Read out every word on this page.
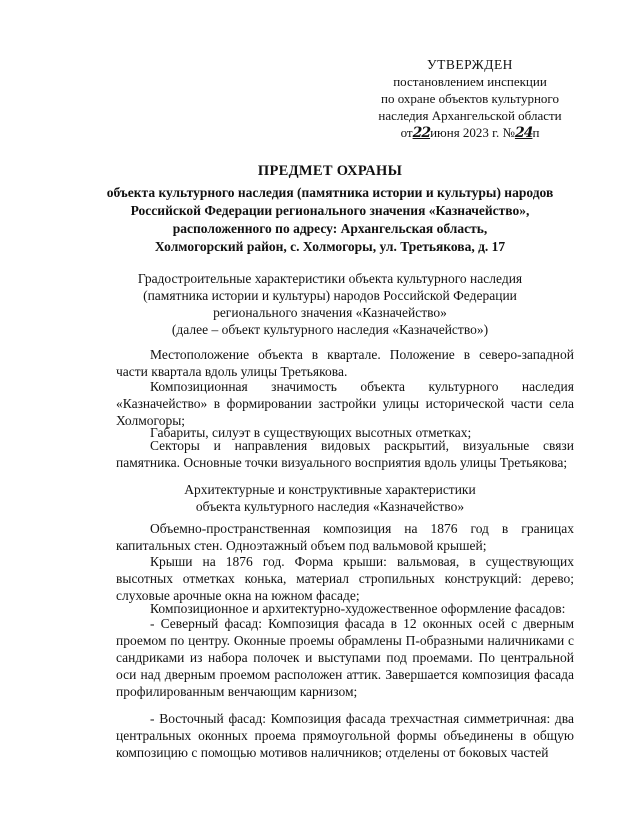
УТВЕРЖДЕН
постановлением инспекции
по охране объектов культурного
наследия Архангельской области
от22июня 2023 г. №24п
ПРЕДМЕТ ОХРАНЫ
объекта культурного наследия (памятника истории и культуры) народов
Российской Федерации регионального значения «Казначейство»,
расположенного по адресу: Архангельская область,
Холмогорский район, с. Холмогоры, ул. Третьякова, д. 17
Градостроительные характеристики объекта культурного наследия
(памятника истории и культуры) народов Российской Федерации
регионального значения «Казначейство»
(далее – объект культурного наследия «Казначейство»)
Местоположение объекта в квартале. Положение в северо-западной части квартала вдоль улицы Третьякова.
Композиционная значимость объекта культурного наследия «Казначейство» в формировании застройки улицы исторической части села Холмогоры;
Габариты, силуэт в существующих высотных отметках;
Секторы и направления видовых раскрытий, визуальные связи памятника. Основные точки визуального восприятия вдоль улицы Третьякова;
Архитектурные и конструктивные характеристики
объекта культурного наследия «Казначейство»
Объемно-пространственная композиция на 1876 год в границах капитальных стен. Одноэтажный объем под вальмовой крышей;
Крыши на 1876 год. Форма крыши: вальмовая, в существующих высотных отметках конька, материал стропильных конструкций: дерево; слуховые арочные окна на южном фасаде;
Композиционное и архитектурно-художественное оформление фасадов:
- Северный фасад: Композиция фасада в 12 оконных осей с дверным проемом по центру. Оконные проемы обрамлены П-образными наличниками с сандриками из набора полочек и выступами под проемами. По центральной оси над дверным проемом расположен аттик. Завершается композиция фасада профилированным венчающим карнизом;
- Восточный фасад: Композиция фасада трехчастная симметричная: два центральных оконных проема прямоугольной формы объединены в общую композицию с помощью мотивов наличников; отделены от боковых частей
